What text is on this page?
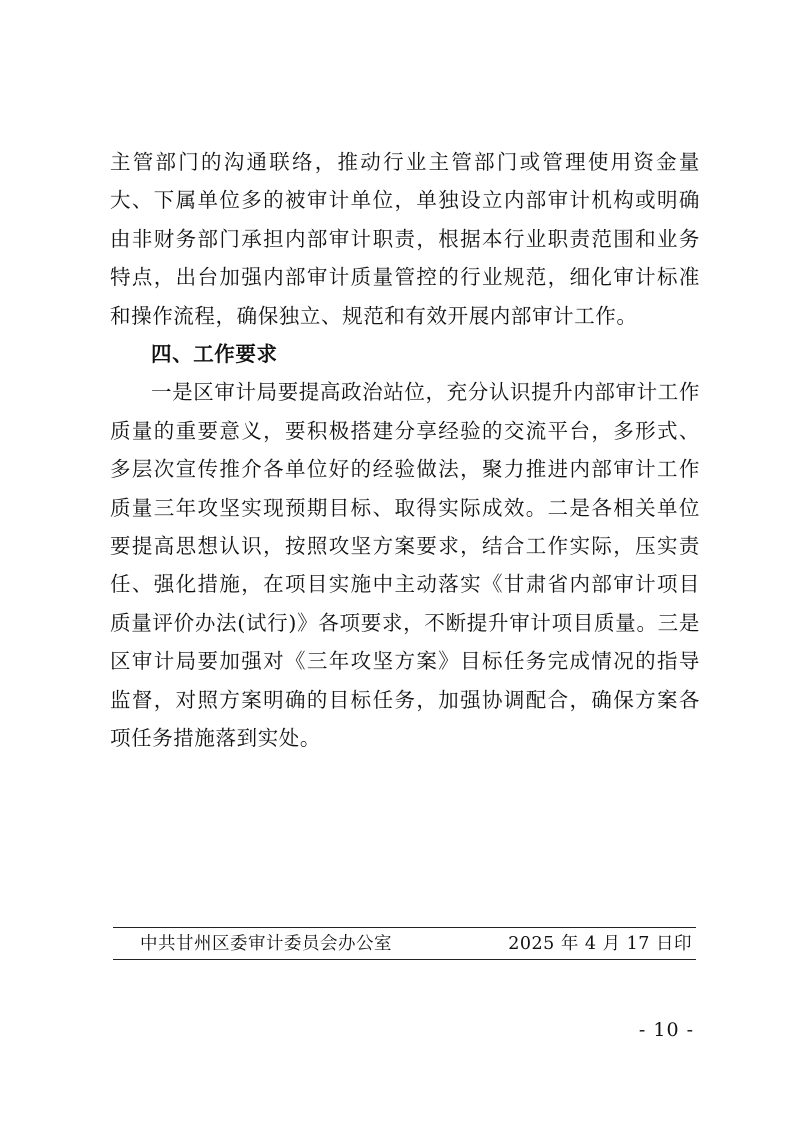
主管部门的沟通联络，推动行业主管部门或管理使用资金量大、下属单位多的被审计单位，单独设立内部审计机构或明确由非财务部门承担内部审计职责，根据本行业职责范围和业务特点，出台加强内部审计质量管控的行业规范，细化审计标准和操作流程，确保独立、规范和有效开展内部审计工作。

四、工作要求

一是区审计局要提高政治站位，充分认识提升内部审计工作质量的重要意义，要积极搭建分享经验的交流平台，多形式、多层次宣传推介各单位好的经验做法，聚力推进内部审计工作质量三年攻坚实现预期目标、取得实际成效。二是各相关单位要提高思想认识，按照攻坚方案要求，结合工作实际，压实责任、强化措施，在项目实施中主动落实《甘肃省内部审计项目质量评价办法(试行)》各项要求，不断提升审计项目质量。三是区审计局要加强对《三年攻坚方案》目标任务完成情况的指导监督，对照方案明确的目标任务，加强协调配合，确保方案各项任务措施落到实处。

中共甘州区委审计委员会办公室	2025 年 4 月 17 日印
- 10 -
